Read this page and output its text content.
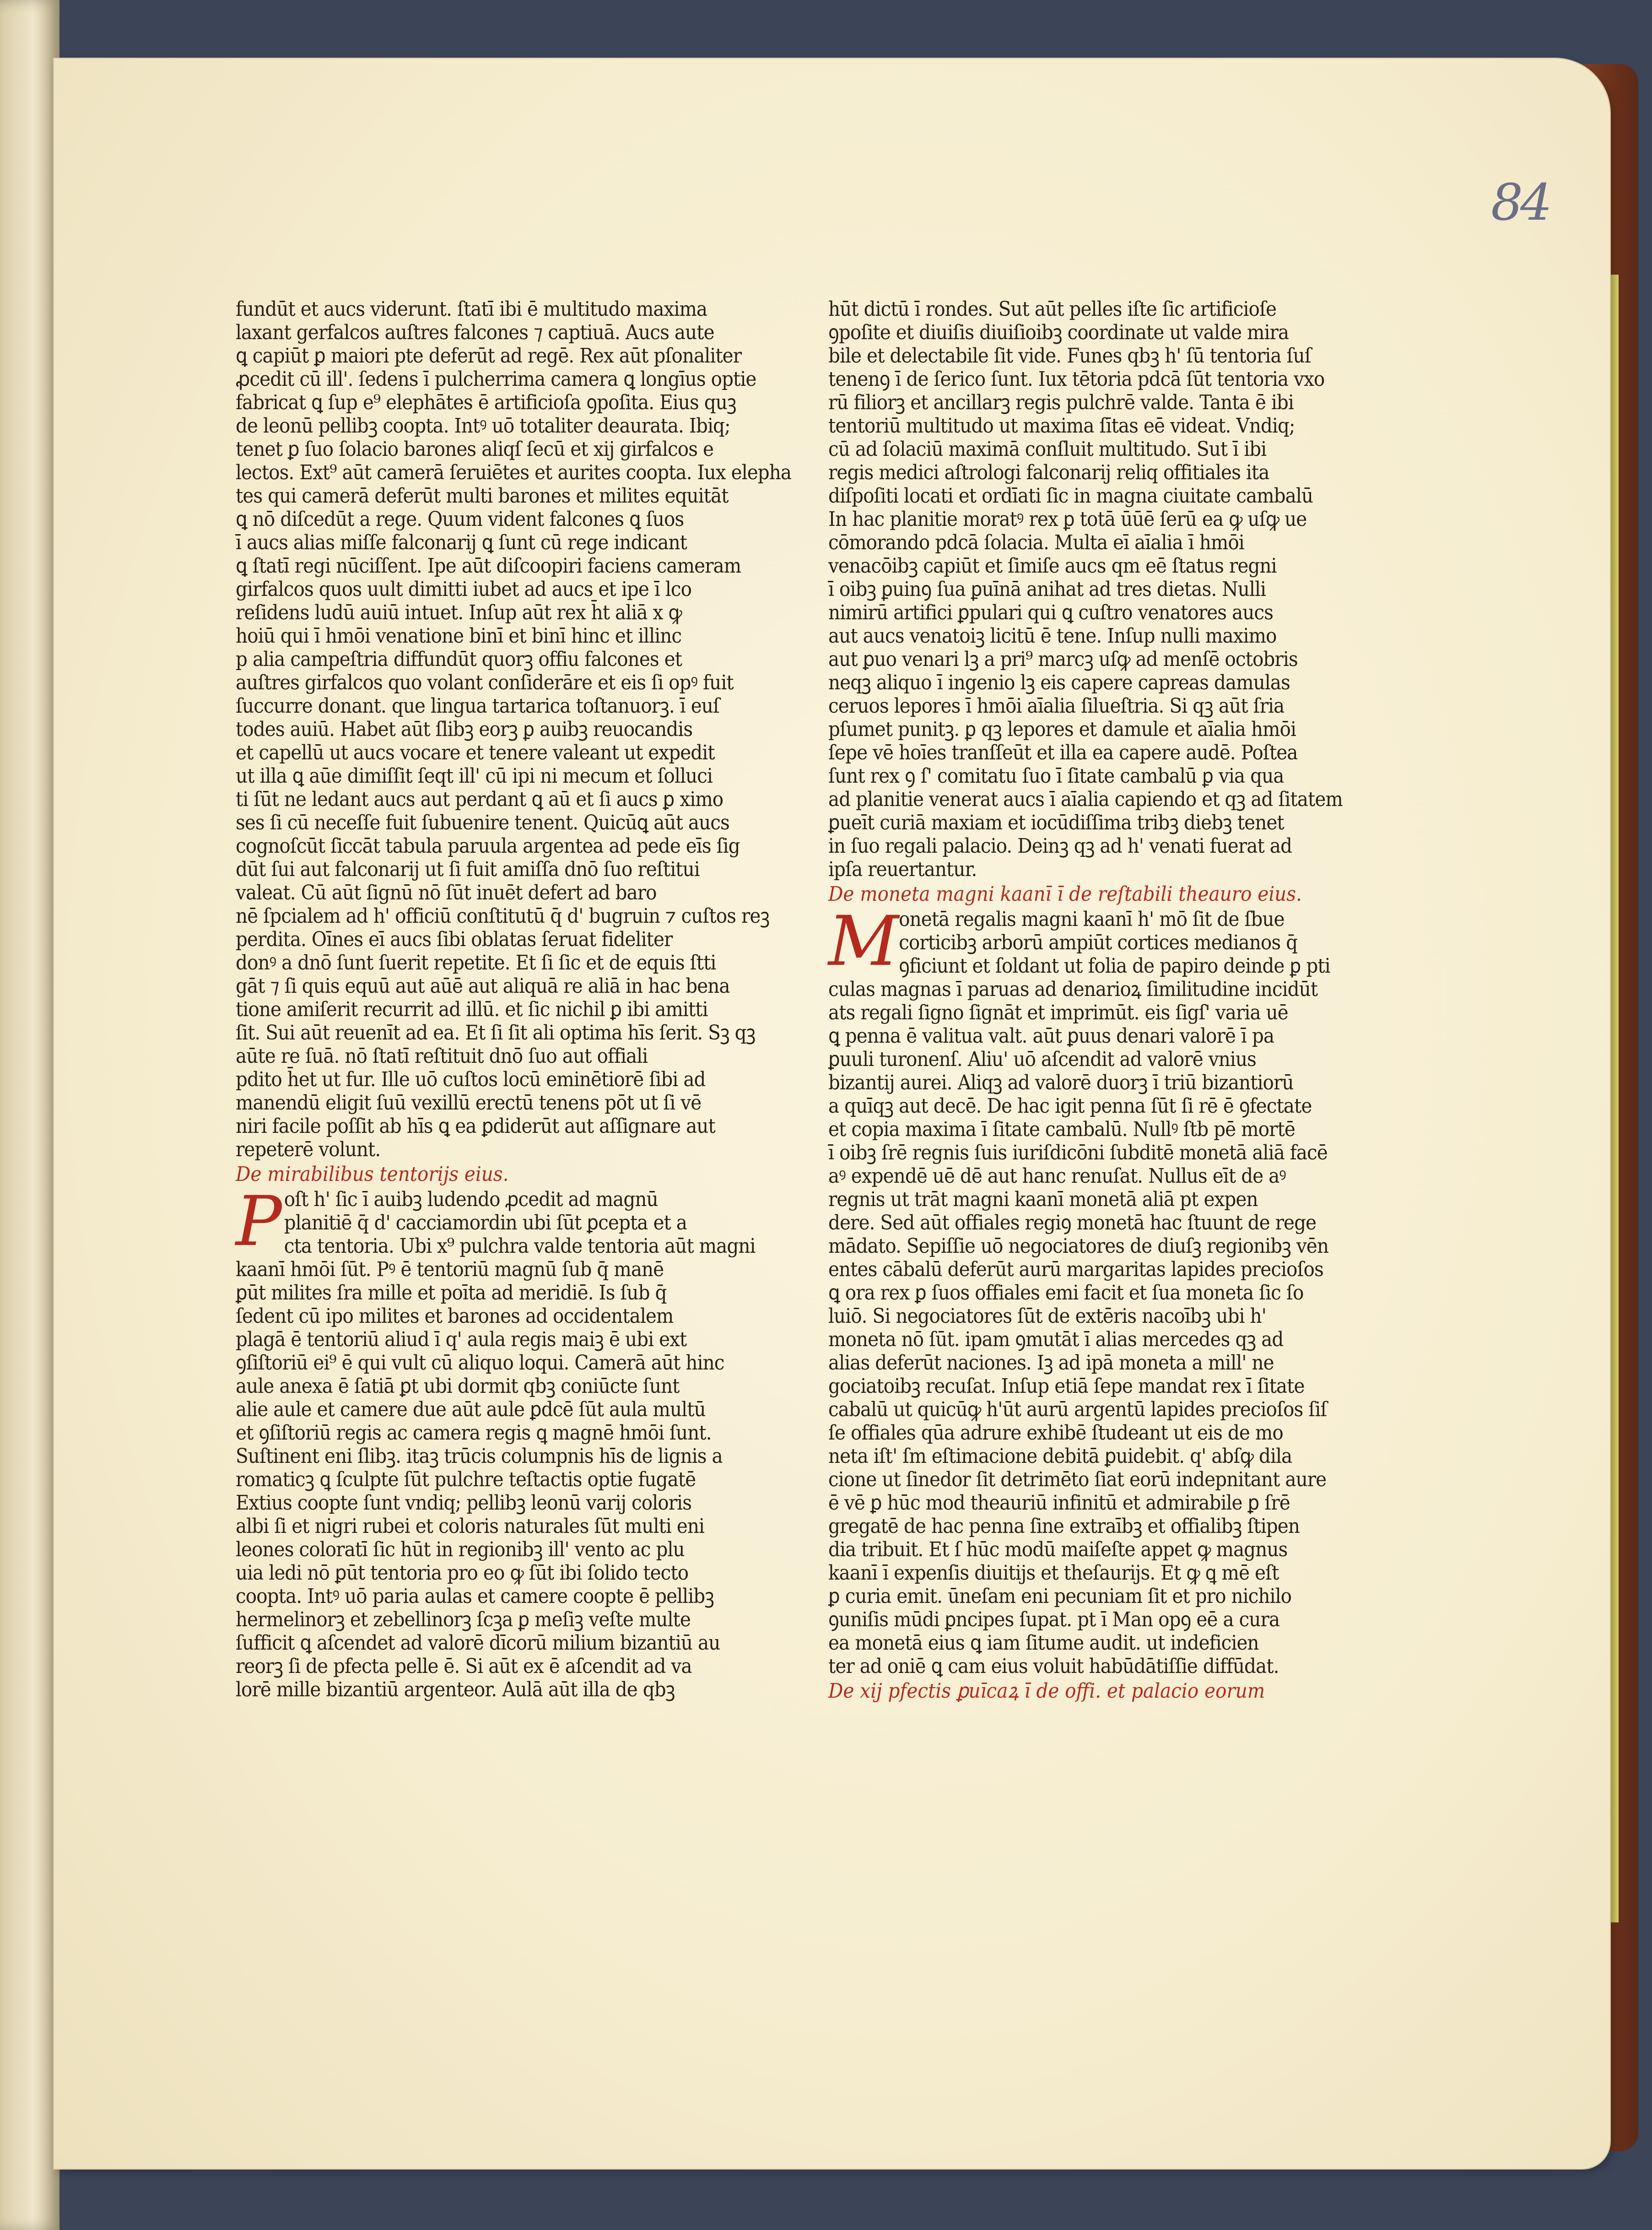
84
fundūt et aucs viderunt. ſtatī ibi ē multitudo maxima
laxant gerfalcos auſtres falcones ⁊ captiuā. Aucs aute
ꝗ capiūt ꝑ maiori pte deferūt ad regē. Rex aūt pſonaliter
ꝓcedit cū ill'. ſedens ī pulcherrima camera ꝗ longīus optie
fabricat ꝗ ſup e⁹ elephātes ē artificioſa ꝯpoſita. Eius quꝫ
de leonū pellibꝫ coopta. Intꝰ uō totaliter deaurata. Ibiq;
tenet ꝑ ſuo ſolacio barones aliqſ ſecū et xij girfalcos e
lectos. Ext⁹ aūt camerā ſeruiētes et aurites coopta. Iux elepha
tes qui camerā deferūt multi barones et milites equitāt
ꝗ nō diſcedūt a rege. Quum vident falcones ꝗ ſuos
ī aucs alias miſſe falconarij ꝗ ſunt cū rege indicant
ꝗ ſtatī regi nūciſſent. Ipe aūt diſcoopiri faciens cameram
girfalcos quos uult dimitti iubet ad aucs et ipe ī lco
reſidens ludū auiū intuet. Inſup aūt rex h̄t aliā x ꝙ
hoiū qui ī hmōi venatione binī et binī hinc et illinc
p alia campeſtria diffundūt quorꝫ offiu falcones et
auſtres girfalcos quo volant conſiderāre et eis ſi opꝰ fuit
ſuccurre donant. que lingua tartarica toſtanuorꝫ. ī euſ
todes auiū. Habet aūt ſlibꝫ eorꝫ ꝑ auibꝫ reuocandis
et capellū ut aucs vocare et tenere valeant ut expedit
ut illa ꝗ aūe dimiſſit ſeqt ill' cū ipi ni mecum et ſolluci
ti ſūt ne ledant aucs aut perdant ꝗ aū et ſi aucs ꝑ ximo
ses ſi cū neceſſe fuit ſubuenire tenent. Quicūꝗ aūt aucs
cognoſcūt ſiccāt tabula paruula argentea ad pede eīs ſig
dūt ſui aut falconarij ut ſi fuit amiſſa dnō ſuo reſtitui
valeat. Cū aūt ſignū nō ſūt inuēt defert ad baro
nē ſpcialem ad h' officiū conſtitutū q̄ d' bugruin ⁊ cuſtos reꝫ
perdita. Oīnes eī aucs ſibi oblatas ſeruat fideliter
donꝰ a dnō ſunt ſuerit repetite. Et ſi ſic et de equis ſtti
gāt ⁊ ſi quis equū aut aūē aut aliquā re aliā in hac bena
tione amiſerit recurrit ad illū. et ſic nichil ꝑ ibi amitti
ſit. Sui aūt reuenīt ad ea. Et ſi ſit ali optima hīs ſerit. Sꝫ qꝫ
aūte re ſuā. nō ſtatī reſtituit dnō ſuo aut offiali
pdito h̄et ut fur. Ille uō cuſtos locū eminētiorē ſibi ad
manendū eligit ſuū vexillū erectū tenens pōt ut ſi vē
niri facile poſſit ab hīs ꝗ ea ꝑdiderūt aut aſſignare aut
repeterē volunt.
De mirabilibus tentorijs eius.
P oſt h' ſic ī auibꝫ ludendo ꝓcedit ad magnū
planitiē q̄ d' cacciamordin ubi ſūt ꝑcepta et a
cta tentoria. Ubi x⁹ pulchra valde tentoria aūt magni
kaanī hmōi ſūt. Pꝰ ē tentoriū magnū ſub q̄ manē
ꝑūt milites ſra mille et poīta ad meridiē. Is ſub q̄
ſedent cū ipo milites et barones ad occidentalem
plagā ē tentoriū aliud ī q' aula regis maiꝫ ē ubi ext
ꝯſiſtoriū ei⁹ ē qui vult cū aliquo loqui. Camerā aūt hinc
aule anexa ē ſatiā ꝑt ubi dormit qbꝫ coniūcte ſunt
alie aule et camere due aūt aule ꝑdcē ſūt aula multū
et ꝯſiſtoriū regis ac camera regis ꝗ magnē hmōi ſunt.
Suſtinent eni ſlibꝫ. itaꝫ trūcis columpnis hīs de lignis a
romaticꝫ ꝗ ſculpte ſūt pulchre teſtactis optie fugatē
Extius coopte ſunt vndiq; pellibꝫ leonū varij coloris
albi ſi et nigri rubei et coloris naturales ſūt multi eni
leones coloratī ſic hūt in regionibꝫ ill' vento ac plu
uia ledi nō ꝑūt tentoria pro eo ꝙ ſūt ibi ſolido tecto
coopta. Intꝰ uō paria aulas et camere coopte ē pellibꝫ
hermelinorꝫ et zebellinorꝫ ſcꝫa ꝑ meſiꝫ veſte multe
ſufficit ꝗ aſcendet ad valorē dīcorū milium bizantiū au
reorꝫ ſi de pfecta pelle ē. Si aūt ex ē aſcendit ad va
lorē mille bizantiū argenteor. Aulā aūt illa de qbꝫ
hūt dictū ī rondes. Sut aūt pelles iſte ſic artificioſe
ꝯpoſite et diuiſis diuiſioibꝫ coordinate ut valde mira
bile et delectabile ſit vide. Funes qbꝫ h' ſū tentoria ſuſ
tenenꝯ ī de ſerico ſunt. Iux tētoria pdcā ſūt tentoria vxo
rū filiorꝫ et ancillarꝫ regis pulchrē valde. Tanta ē ibi
tentoriū multitudo ut maxima ſītas eē videat. Vndiq;
cū ad ſolaciū maximā conſluit multitudo. Sut ī ibi
regis medici aſtrologi falconarij reliq offitiales ita
diſpoſiti locati et ordīati ſic in magna ciuitate cambalū
In hac planitie moratꝰ rex ꝑ totā ūūē ſerū ea ꝙ uſꝙ ue
cōmorando pdcā ſolacia. Multa eī aīalia ī hmōi
venacōibꝫ capiūt et ſimiſe aucs qm eē ſtatus regni
ī oibꝫ ꝑuinꝯ ſua ꝑuīnā anihat ad tres dietas. Nulli
nimirū artifici ꝑpulari qui ꝗ cuſtro venatores aucs
aut aucs venatoiꝫ licitū ē tene. Inſup nulli maximo
aut ꝑuo venari lꝫ a pri⁹ marcꝫ uſꝙ ad menſē octobris
neqꝫ aliquo ī ingenio lꝫ eis capere capreas damulas
ceruos lepores ī hmōi aīalia ſilueſtria. Si qꝫ aūt ſria
pſumet punitꝫ. ꝑ qꝫ lepores et damule et aīalia hmōi
ſepe vē hoīes tranſſeūt et illa ea capere audē. Poſtea
ſunt rex ꝯ ſ' comitatu ſuo ī ſitate cambalū ꝑ via qua
ad planitie venerat aucs ī aīalia capiendo et qꝫ ad ſitatem
ꝑueīt curiā maxiam et iocūdiſſima tribꝫ diebꝫ tenet
in ſuo regali palacio. Deinꝫ qꝫ ad h' venati fuerat ad
ipſa reuertantur.
De moneta magni kaanī ī de reſtabili theauro eius.
M onetā regalis magni kaanī h' mō ſit de ſbue
corticibꝫ arborū ampiūt cortices medianos q̄
ꝯficiunt et ſoldant ut folia de papiro deinde ꝑ pti
culas magnas ī paruas ad denarioꝝ ſimilitudine incidūt
ats regali ſigno ſignāt et imprimūt. eis ſigſ' varia uē
ꝗ penna ē valitua valt. aūt ꝑuus denari valorē ī pa
ꝑuuli turonenſ. Aliu' uō aſcendit ad valorē vnius
bizantij aurei. Aliqꝫ ad valorē duorꝫ ī triū bizantiorū
a quīqꝫ aut decē. De hac igit penna ſūt ſi rē ē ꝯfectate
et copia maxima ī ſitate cambalū. Nullꝰ ſtb pē mortē
ī oibꝫ ſrē regnis ſuis iuriſdicōni ſubditē monetā aliā facē
aꝰ expendē uē dē aut hanc renuſat. Nullus eīt de aꝰ
regnis ut trāt magni kaanī monetā aliā pt expen
dere. Sed aūt offiales regiꝯ monetā hac ſtuunt de rege
mādato. Sepiſſie uō negociatores de diuſꝫ regionibꝫ vēn
entes cābalū deferūt aurū margaritas lapides precioſos
ꝗ ora rex ꝑ ſuos offiales emi facit et ſua moneta ſic ſo
luiō. Si negociatores ſūt de extēris nacoībꝫ ubi h'
moneta nō ſūt. ipam ꝯmutāt ī alias mercedes qꝫ ad
alias deferūt naciones. Iꝫ ad ipā moneta a mill' ne
gociatoibꝫ recuſat. Inſup etiā ſepe mandat rex ī ſitate
cabalū ut quicūꝙ h'ūt aurū argentū lapides precioſos ſiſ
ſe offiales qūa adrure exhibē ſtudeant ut eis de mo
neta iſt' ſm eſtimacione debitā ꝑuidebit. q' abſꝙ dila
cione ut ſinedor ſit detrimēto ſiat eorū indepnitant aure
ē vē ꝑ hūc mod theauriū infinitū et admirabile ꝑ ſrē
gregatē de hac penna ſine extraībꝫ et offialibꝫ ſtipen
dia tribuit. Et ſ hūc modū maiſeſte appet ꝙ magnus
kaanī ī expenſis diuitijs et theſaurijs. Et ꝙ ꝗ mē eſt
ꝑ curia emit. ūneſam eni pecuniam ſit et pro nichilo
ꝯuniſis mūdi ꝑncipes ſupat. pt ī Man opꝯ eē a cura
ea monetā eius ꝗ iam ſitume audit. ut indeficien
ter ad oniē ꝗ cam eius voluit habūdātiſſie diffūdat.
De xij pfectis ꝑuīcaꝝ ī de offi. et palacio eorum
